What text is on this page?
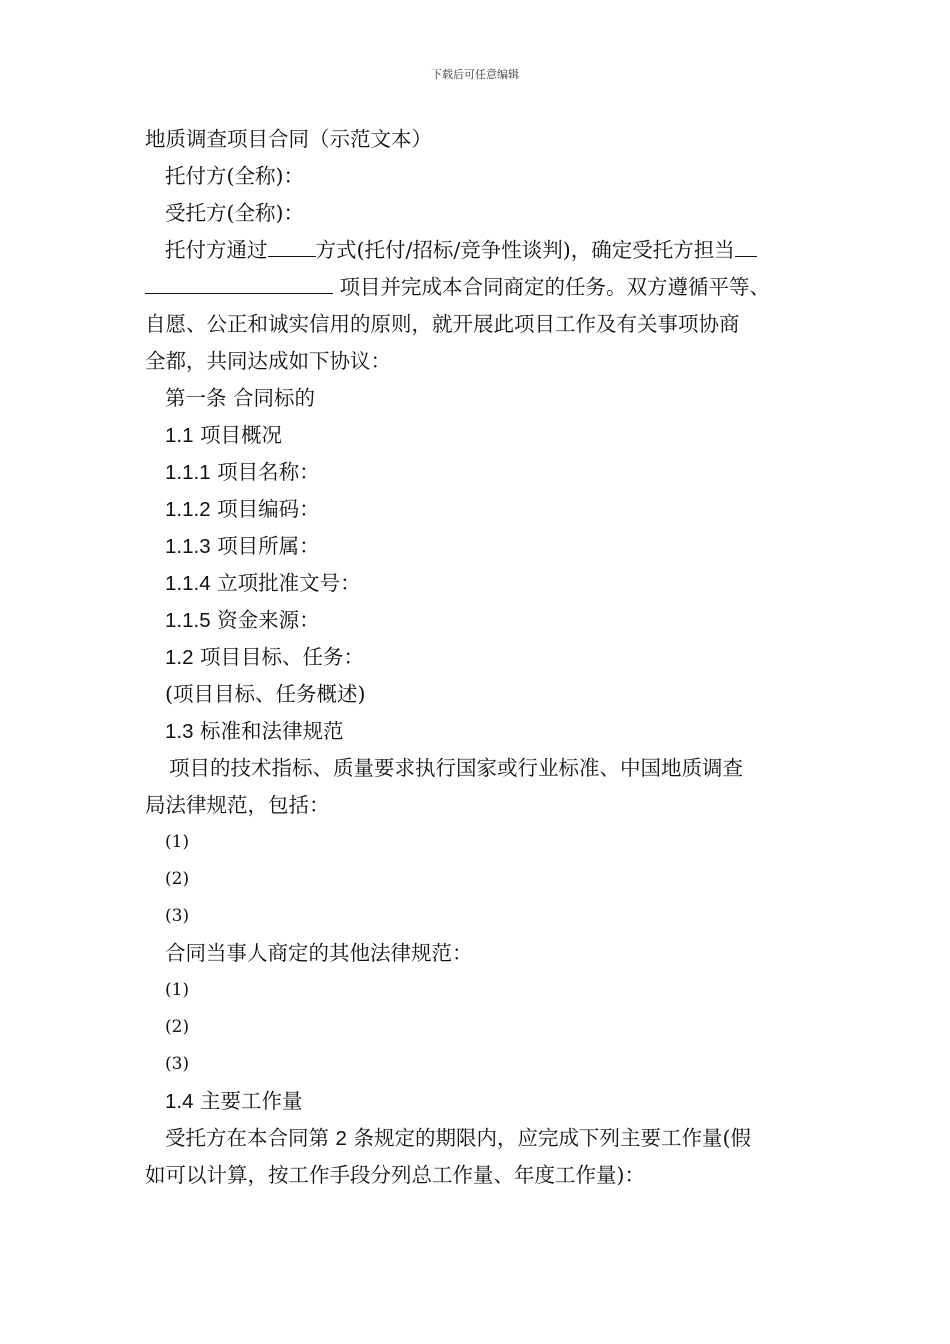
下载后可任意编辑

地质调查项目合同（示范文本）

托付方(全称)：

受托方(全称)：

托付方通过 方式(托付/招标/竞争性谈判)，确定受托方担当

项目并完成本合同商定的任务。双方遵循平等、

自愿、公正和诚实信用的原则，就开展此项目工作及有关事项协商

全都，共同达成如下协议：

第一条 合同标的

1.1 项目概况

1.1.1 项目名称：

1.1.2 项目编码：

1.1.3 项目所属：

1.1.4 立项批准文号：

1.1.5 资金来源：

1.2 项目目标、任务：

(项目目标、任务概述)

1.3 标准和法律规范

项目的技术指标、质量要求执行国家或行业标准、中国地质调查

局法律规范，包括：

(1)

(2)

(3)

合同当事人商定的其他法律规范：

(1)

(2)

(3)

1.4 主要工作量

受托方在本合同第 2 条规定的期限内，应完成下列主要工作量(假

如可以计算，按工作手段分列总工作量、年度工作量)：
